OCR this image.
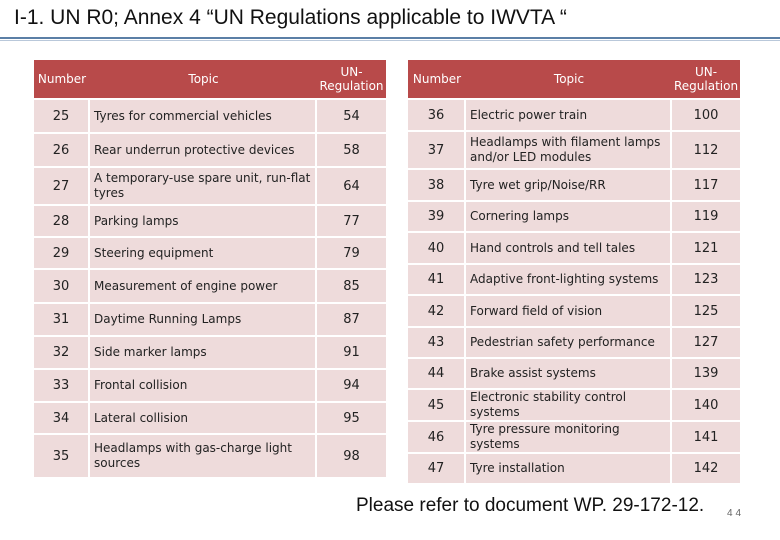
I-1. UN R0; Annex 4 “UN Regulations applicable to IWVTA “
Number	Topic	UN-Regulation
25	Tyres for commercial vehicles	54
26	Rear underrun protective devices	58
27	A temporary-use spare unit, run-flat tyres	64
28	Parking lamps	77
29	Steering equipment	79
30	Measurement of engine power	85
31	Daytime Running Lamps	87
32	Side marker lamps	91
33	Frontal collision	94
34	Lateral collision	95
35	Headlamps with gas-charge light sources	98
Number	Topic	UN-Regulation
36	Electric power train	100
37	Headlamps with filament lamps and/or LED modules	112
38	Tyre wet grip/Noise/RR	117
39	Cornering lamps	119
40	Hand controls and tell tales	121
41	Adaptive front-lighting systems	123
42	Forward field of vision	125
43	Pedestrian safety performance	127
44	Brake assist systems	139
45	Electronic stability control systems	140
46	Tyre pressure monitoring systems	141
47	Tyre installation	142
Please refer to document WP. 29-172-12. 44
